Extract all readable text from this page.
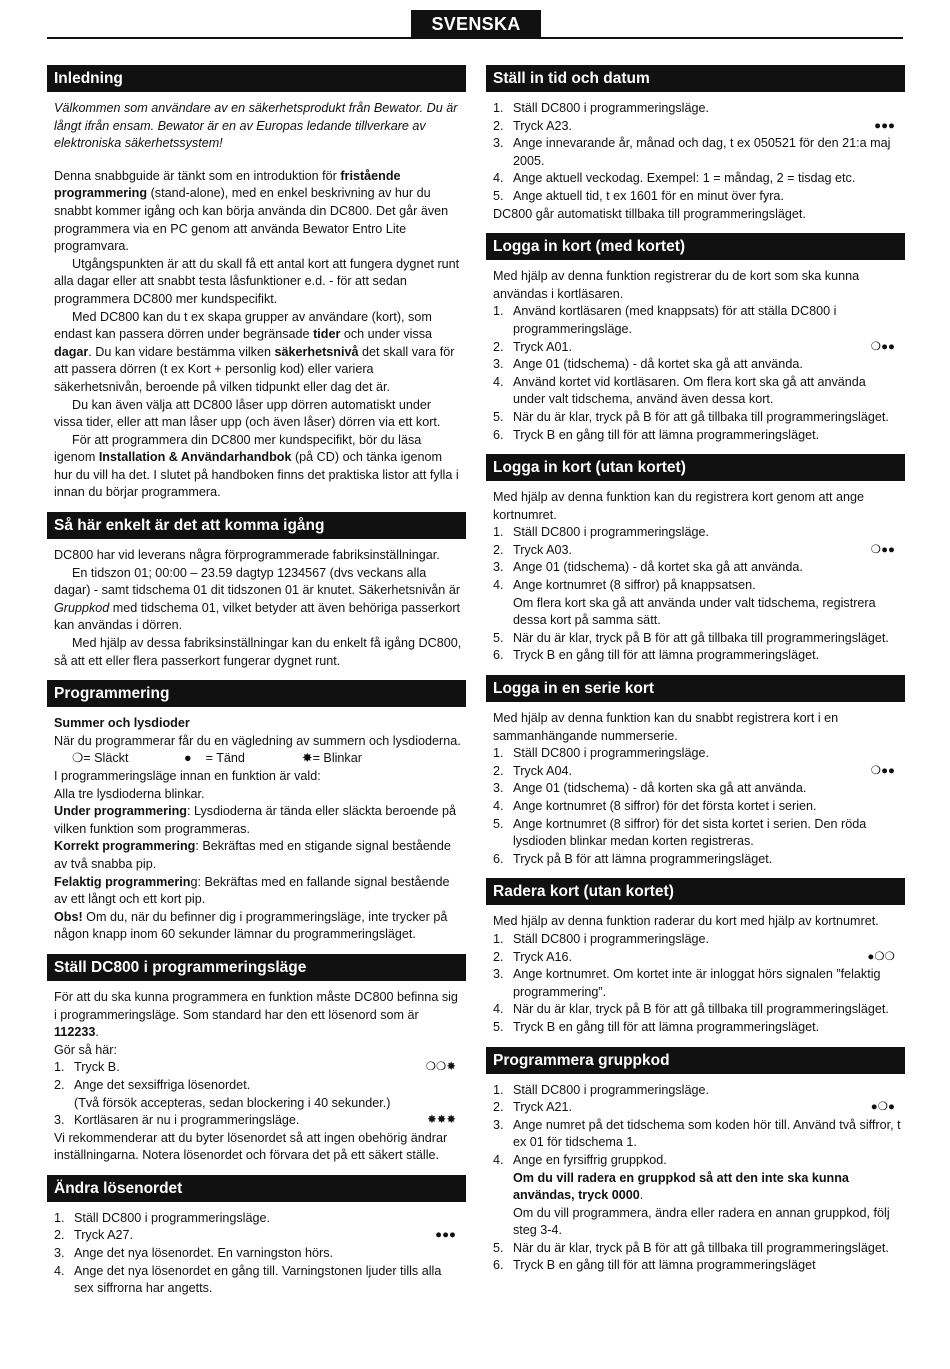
SVENSKA
Inledning

Välkommen som användare av en säkerhetsprodukt från Bewator. Du är långt ifrån ensam. Bewator är en av Europas ledande tillverkare av elektroniska säkerhetssystem!

Denna snabbguide är tänkt som en introduktion för fristående programmering (stand-alone), med en enkel beskrivning av hur du snabbt kommer igång och kan börja använda din DC800. Det går även programmera via en PC genom att använda Bewator Entro Lite programvara.

Utgångspunkten är att du skall få ett antal kort att fungera dygnet runt alla dagar eller att snabbt testa låsfunktioner e.d. - för att sedan programmera DC800 mer kundspecifikt.

Med DC800 kan du t ex skapa grupper av användare (kort), som endast kan passera dörren under begränsade tider och under vissa dagar. Du kan vidare bestämma vilken säkerhetsnivå det skall vara för att passera dörren (t ex Kort + personlig kod) eller variera säkerhetsnivån, beroende på vilken tidpunkt eller dag det är.

Du kan även välja att DC800 låser upp dörren automatiskt under vissa tider, eller att man låser upp (och även låser) dörren via ett kort.

För att programmera din DC800 mer kundspecifikt, bör du läsa igenom Installation & Användarhandbok (på CD) och tänka igenom hur du vill ha det. I slutet på handboken finns det praktiska listor att fylla i innan du börjar programmera.

Så här enkelt är det att komma igång

DC800 har vid leverans några förprogrammerade fabriksinställningar.

En tidszon 01; 00:00 – 23.59 dagtyp 1234567 (dvs veckans alla dagar) - samt tidschema 01 dit tidszonen 01 är knutet. Säkerhetsnivån är Gruppkod med tidschema 01, vilket betyder att även behöriga passerkort kan användas i dörren.

Med hjälp av dessa fabriksinställningar kan du enkelt få igång DC800, så att ett eller flera passerkort fungerar dygnet runt.

Programmering

Summer och lysdioder

När du programmerar får du en vägledning av summern och lysdioderna.

❍= Släckt	●    = Tänd	✸= Blinkar

I programmeringsläge innan en funktion är vald:

Alla tre lysdioderna blinkar.

Under programmering: Lysdioderna är tända eller släckta beroende på vilken funktion som programmeras.

Korrekt programmering: Bekräftas med en stigande signal bestående av två snabba pip.

Felaktig programmering: Bekräftas med en fallande signal bestående av ett långt och ett kort pip.

Obs! Om du, när du befinner dig i programmeringsläge, inte trycker på någon knapp inom 60 sekunder lämnar du programmeringsläget.

Ställ DC800 i programmeringsläge

För att du ska kunna programmera en funktion måste DC800 befinna sig i programmeringsläge. Som standard har den ett lösenord som är 112233.

Gör så här:

1. Tryck B.	❍❍✸
2. Ange det sexsiffriga lösenordet.
(Två försök accepteras, sedan blockering i 40 sekunder.)
3. Kortläsaren är nu i programmeringsläge.	✸✸✸

Vi rekommenderar att du byter lösenordet så att ingen obehörig ändrar inställningarna. Notera lösenordet och förvara det på ett säkert ställe.

Ändra lösenordet
1. Ställ DC800 i programmeringsläge.
2. Tryck A27.	●●●
3. Ange det nya lösenordet. En varningston hörs.
4. Ange det nya lösenordet en gång till. Varningstonen ljuder tills alla sex siffrorna har angetts.
Ställ in tid och datum
1. Ställ DC800 i programmeringsläge.
2. Tryck A23.	●●●
3. Ange innevarande år, månad och dag, t ex 050521 för den 21:a maj 2005.
4. Ange aktuell veckodag. Exempel: 1 = måndag, 2 = tisdag etc.
5. Ange aktuell tid, t ex 1601 för en minut över fyra.

DC800 går automatiskt tillbaka till programmeringsläget.

Logga in kort (med kortet)

Med hjälp av denna funktion registrerar du de kort som ska kunna användas i kortläsaren.

1. Använd kortläsaren (med knappsats) för att ställa DC800 i programmeringsläge.
2. Tryck A01.	❍●●
3. Ange 01 (tidschema) - då kortet ska gå att använda.
4. Använd kortet vid kortläsaren. Om flera kort ska gå att använda under valt tidschema, använd även dessa kort.
5. När du är klar, tryck på B för att gå tillbaka till programmeringsläget.
6. Tryck B en gång till för att lämna programmeringsläget.
Logga in kort (utan kortet)

Med hjälp av denna funktion kan du registrera kort genom att ange kortnumret.

1. Ställ DC800 i programmeringsläge.
2. Tryck A03.	❍●●
3. Ange 01 (tidschema) - då kortet ska gå att använda.
4. Ange kortnumret (8 siffror) på knappsatsen.
Om flera kort ska gå att använda under valt tidschema, registrera dessa kort på samma sätt.
5. När du är klar, tryck på B för att gå tillbaka till programmeringsläget.
6. Tryck B en gång till för att lämna programmeringsläget.
Logga in en serie kort

Med hjälp av denna funktion kan du snabbt registrera kort i en sammanhängande nummerserie.

1. Ställ DC800 i programmeringsläge.
2. Tryck A04.	❍●●
3. Ange 01 (tidschema) - då korten ska gå att använda.
4. Ange kortnumret (8 siffror) för det första kortet i serien.
5. Ange kortnumret (8 siffror) för det sista kortet i serien. Den röda lysdioden blinkar medan korten registreras.
6. Tryck på B för att lämna programmeringsläget.
Radera kort (utan kortet)

Med hjälp av denna funktion raderar du kort med hjälp av kortnumret.

1. Ställ DC800 i programmeringsläge.
2. Tryck A16.	●❍❍
3. Ange kortnumret. Om kortet inte är inloggat hörs signalen ”felaktig programmering”.
4. När du är klar, tryck på B för att gå tillbaka till programmeringsläget.
5. Tryck B en gång till för att lämna programmeringsläget.
Programmera gruppkod
1. Ställ DC800 i programmeringsläge.
2. Tryck A21.	●❍●
3. Ange numret på det tidschema som koden hör till. Använd två siffror, t ex 01 för tidschema 1.
4. Ange en fyrsiffrig gruppkod.
Om du vill radera en gruppkod så att den inte ska kunna användas, tryck 0000.
Om du vill programmera, ändra eller radera en annan gruppkod, följ steg 3-4.
5. När du är klar, tryck på B för att gå tillbaka till programmeringsläget.
6. Tryck B en gång till för att lämna programmeringsläget
